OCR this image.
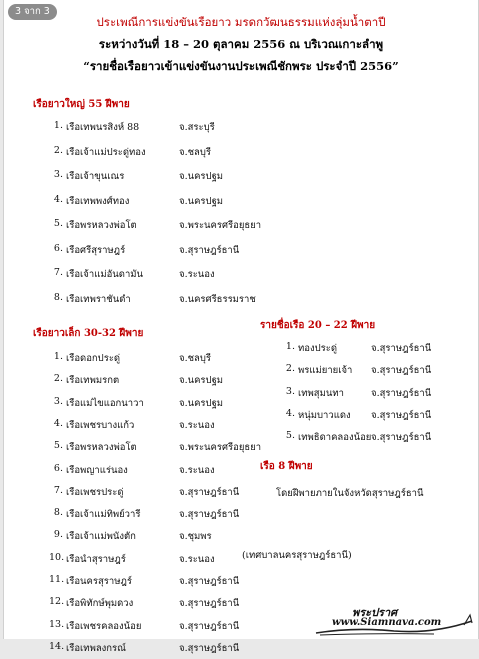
3 จาก 3
ประเพณีการแข่งขันเรือยาว มรดกวัฒนธรรมแห่งลุ่มน้ำตาปี
ระหว่างวันที่ 18 – 20 ตุลาคม 2556 ณ บริเวณเกาะลำพู
“รายชื่อเรือยาวเข้าแข่งขันงานประเพณีชักพระ ประจำปี 2556”
เรือยาวใหญ่ 55 ฝีพาย
1. เรือเทพนรสิงห์ 88	จ.สระบุรี
2. เรือเจ้าแม่ประดู่ทอง	จ.ชลบุรี
3. เรือเจ้าขุนเณร	จ.นครปฐม
4. เรือเทพพงศ์ทอง	จ.นครปฐม
5. เรือพรหลวงพ่อโต	จ.พระนครศรีอยุธยา
6. เรือศรีสุราษฎร์	จ.สุราษฎร์ธานี
7. เรือเจ้าแม่อันดามัน	จ.ระนอง
8. เรือเทพราชันดำ	จ.นครศรีธรรมราช
เรือยาวเล็ก 30-32 ฝีพาย
1. เรือดอกประดู่	จ.ชลบุรี
2. เรือเทพมรกต	จ.นครปฐม
3. เรือแม่ไขแอกนาวา	จ.นครปฐม
4. เรือเพชรบางแก้ว	จ.ระนอง
5. เรือพรหลวงพ่อโต	จ.พระนครศรีอยุธยา
6. เรือพญาแร่นอง	จ.ระนอง
7. เรือเพชรประดู่	จ.สุราษฎร์ธานี
8. เรือเจ้าแม่ทิพย์วารี	จ.สุราษฎร์ธานี
9. เรือเจ้าแม่พนังตัก	จ.ชุมพร
10. เรือนำสุราษฎร์	จ.ระนอง
11. เรือนครสุราษฎร์	จ.สุราษฎร์ธานี
12. เรือพิทักษ์พุมดวง	จ.สุราษฎร์ธานี
13. เรือเพชรคลองน้อย	จ.สุราษฎร์ธานี
14. เรือเทพลงกรณ์	จ.สุราษฎร์ธานี
(เทศบาลนครสุราษฎร์ธานี)
รายชื่อเรือ 20 – 22 ฝีพาย
1. ทองประดู่	จ.สุราษฎร์ธานี
2. พรแม่ยายเจ้า จ.สุราษฎร์ธานี
3. เทพสุมนทา	จ.สุราษฎร์ธานี
4. หนุ่มบาวแดง จ.สุราษฎร์ธานี
5. เทพธิดาคลองน้อย จ.สุราษฎร์ธานี
เรือ 8 ฝีพาย
โดยฝีพายภายในจังหวัดสุราษฎร์ธานี
พระปราศ
www.Siamnava.com
